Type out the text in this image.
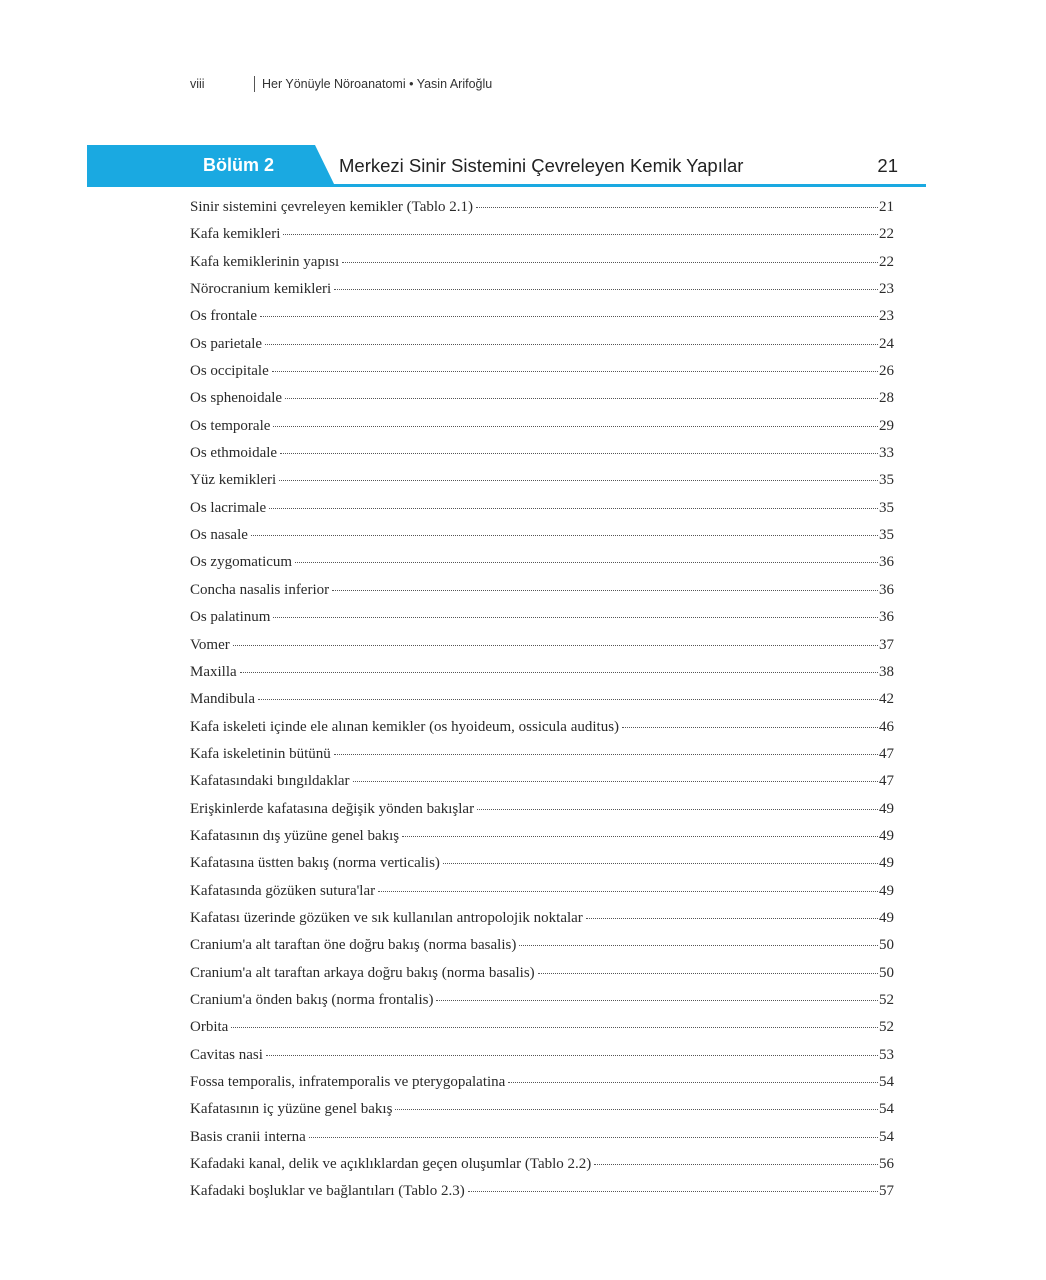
viii	Her Yönüyle Nöroanatomi • Yasin Arifoğlu
Bölüm 2	Merkezi Sinir Sistemini Çevreleyen Kemik Yapılar	21
Sinir sistemini çevreleyen kemikler (Tablo 2.1)	21
Kafa kemikleri	22
Kafa kemiklerinin yapısı	22
Nörocranium kemikleri	23
Os frontale	23
Os parietale	24
Os occipitale	26
Os sphenoidale	28
Os temporale	29
Os ethmoidale	33
Yüz kemikleri	35
Os lacrimale	35
Os nasale	35
Os zygomaticum	36
Concha nasalis inferior	36
Os palatinum	36
Vomer	37
Maxilla	38
Mandibula	42
Kafa iskeleti içinde ele alınan kemikler (os hyoideum, ossicula auditus)	46
Kafa iskeletinin bütünü	47
Kafatasındaki bıngıldaklar	47
Erişkinlerde kafatasına değişik yönden bakışlar	49
Kafatasının dış yüzüne genel bakış	49
Kafatasına üstten bakış (norma verticalis)	49
Kafatasında gözüken sutura'lar	49
Kafatası üzerinde gözüken ve sık kullanılan antropolojik noktalar	49
Cranium'a alt taraftan öne doğru bakış (norma basalis)	50
Cranium'a alt taraftan arkaya doğru bakış (norma basalis)	50
Cranium'a önden bakış (norma frontalis)	52
Orbita	52
Cavitas nasi	53
Fossa temporalis, infratemporalis ve pterygopalatina	54
Kafatasının iç yüzüne genel bakış	54
Basis cranii interna	54
Kafadaki kanal, delik ve açıklıklardan geçen oluşumlar (Tablo 2.2)	56
Kafadaki boşluklar ve bağlantıları (Tablo 2.3)	57
